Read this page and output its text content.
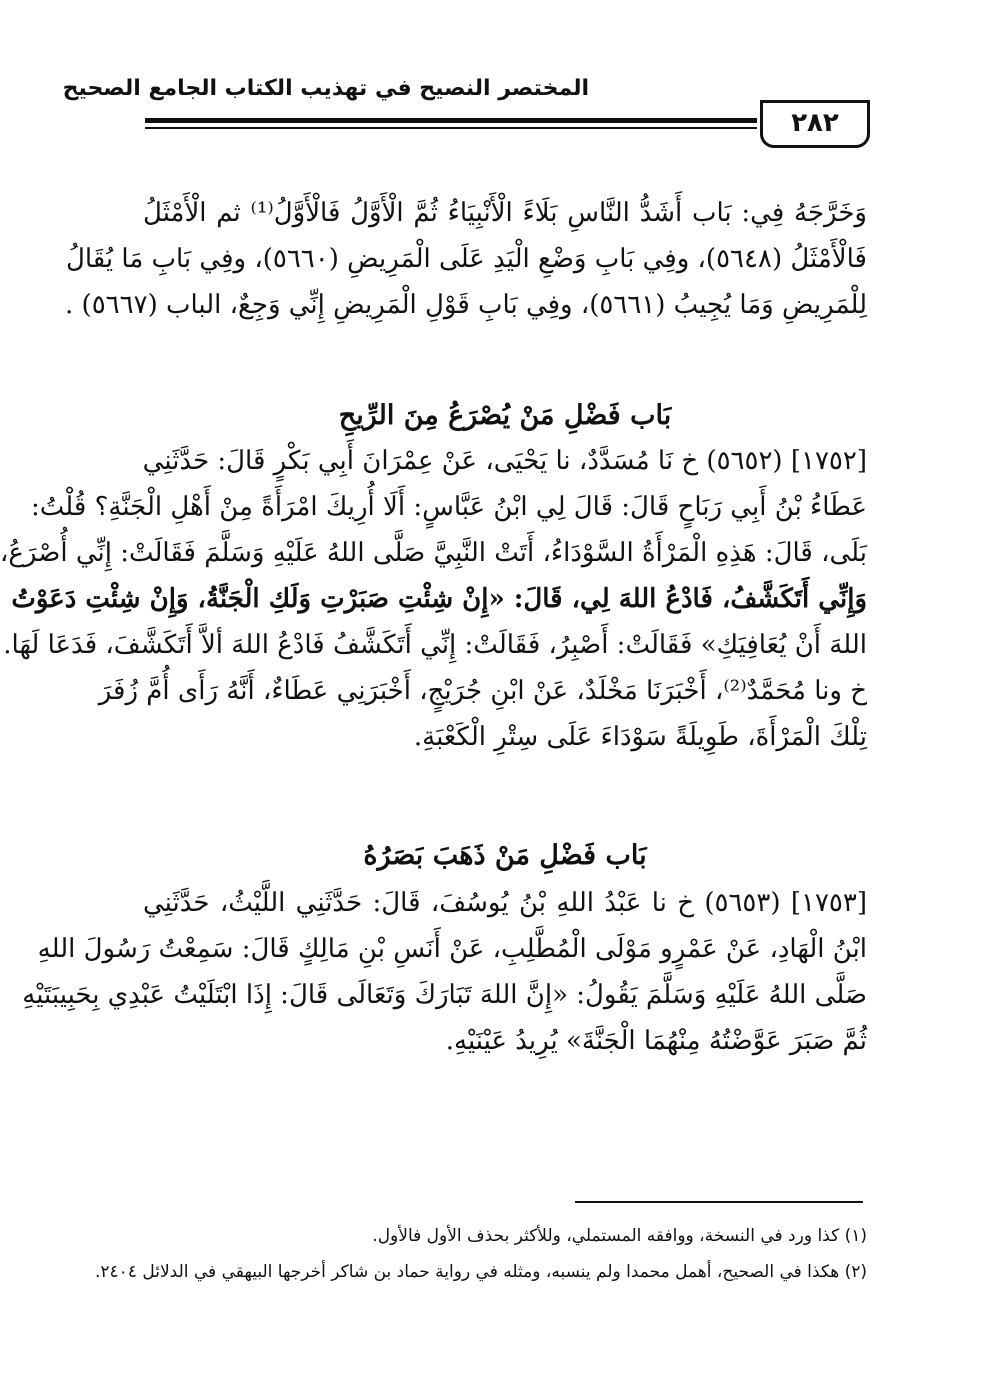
المختصر النصيح في تهذيب الكتاب الجامع الصحيح
٢٨٢
وَخَرَّجَهُ فِي: بَاب أَشَدُّ النَّاسِ بَلَاءً الْأَنْبِيَاءُ ثُمَّ الْأَوَّلُ فَالْأَوَّلُ⁽¹⁾ ثم الْأَمْثَلُ
فَالْأَمْثَلُ (٥٦٤٨)، وفِي بَابِ وَضْعِ الْيَدِ عَلَى الْمَرِيضِ (٥٦٦٠)، وفِي بَابِ مَا يُقَالُ
لِلْمَرِيضِ وَمَا يُجِيبُ (٥٦٦١)، وفِي بَابِ قَوْلِ الْمَرِيضِ إِنِّي وَجِعٌ، الباب (٥٦٦٧) .
بَاب فَضْلِ مَنْ يُصْرَعُ مِنَ الرِّيحِ
[١٧٥٢] (٥٦٥٢) خ نَا مُسَدَّدٌ، نا يَحْيَى، عَنْ عِمْرَانَ أَبِي بَكْرٍ قَالَ: حَدَّثَنِي
عَطَاءُ بْنُ أَبِي رَبَاحٍ قَالَ: قَالَ لِي ابْنُ عَبَّاسٍ: أَلَا أُرِيكَ امْرَأَةً مِنْ أَهْلِ الْجَنَّةِ؟ قُلْتُ:
بَلَى، قَالَ: هَذِهِ الْمَرْأَةُ السَّوْدَاءُ، أَتَتْ النَّبِيَّ صَلَّى اللهُ عَلَيْهِ وَسَلَّمَ فَقَالَتْ: إِنِّي أُصْرَعُ،
وَإِنِّي أَتَكَشَّفُ، فَادْعُ اللهَ لِي، قَالَ: «إِنْ شِئْتِ صَبَرْتِ وَلَكِ الْجَنَّةُ، وَإِنْ شِئْتِ دَعَوْتُ
اللهَ أَنْ يُعَافِيَكِ» فَقَالَتْ: أَصْبِرُ، فَقَالَتْ: إِنِّي أَتَكَشَّفُ فَادْعُ اللهَ ألاَّ أَتَكَشَّفَ، فَدَعَا لَهَا.
خ ونا مُحَمَّدٌ⁽²⁾، أَخْبَرَنَا مَخْلَدٌ، عَنْ ابْنِ جُرَيْجٍ، أَخْبَرَنِي عَطَاءٌ، أَنَّهُ رَأَى أُمَّ زُفَرَ
تِلْكَ الْمَرْأَةَ، طَوِيلَةً سَوْدَاءَ عَلَى سِتْرِ الْكَعْبَةِ.
بَاب فَضْلِ مَنْ ذَهَبَ بَصَرُهُ
[١٧٥٣] (٥٦٥٣) خ نا عَبْدُ اللهِ بْنُ يُوسُفَ، قَالَ: حَدَّثَنِي اللَّيْثُ، حَدَّثَنِي
ابْنُ الْهَادِ، عَنْ عَمْرٍو مَوْلَى الْمُطَّلِبِ، عَنْ أَنَسِ بْنِ مَالِكٍ قَالَ: سَمِعْتُ رَسُولَ اللهِ
صَلَّى اللهُ عَلَيْهِ وَسَلَّمَ يَقُولُ: «إِنَّ اللهَ تَبَارَكَ وَتَعَالَى قَالَ: إِذَا ابْتَلَيْتُ عَبْدِي بِحَبِيبَتَيْهِ
ثُمَّ صَبَرَ عَوَّضْتُهُ مِنْهُمَا الْجَنَّةَ» يُرِيدُ عَيْنَيْهِ.
(١) كذا ورد في النسخة، ووافقه المستملي، وللأكثر بحذف الأول فالأول.
(٢) هكذا في الصحيح، أهمل محمدا ولم ينسبه، ومثله في رواية حماد بن شاكر أخرجها البيهقي في الدلائل ٢٤٠٤.
